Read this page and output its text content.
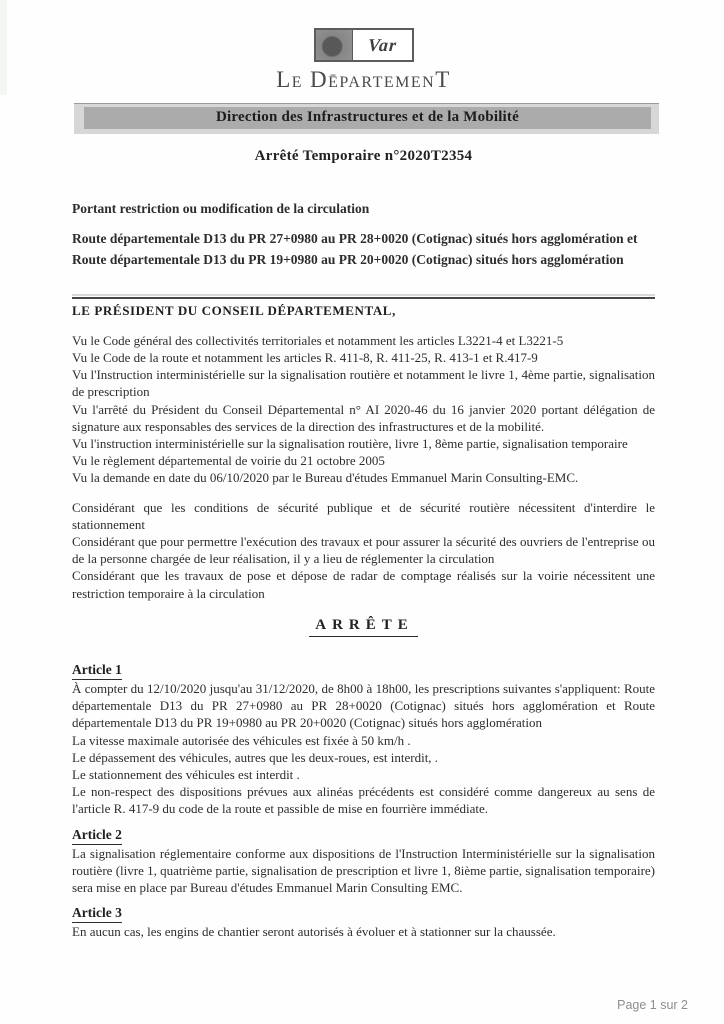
Var
LE DĒPARTEMENT
Direction des Infrastructures et de la Mobilité
Arrêté Temporaire n°2020T2354

Portant restriction ou modification de la circulation

Route départementale D13 du PR 27+0980 au PR 28+0020 (Cotignac) situés hors agglomération et Route départementale D13 du PR 19+0980 au PR 20+0020 (Cotignac) situés hors agglomération

LE PRÉSIDENT DU CONSEIL DÉPARTEMENTAL,

Vu le Code général des collectivités territoriales et notamment les articles L3221-4 et L3221-5

Vu le Code de la route et notamment les articles R. 411-8, R. 411-25, R. 413-1 et R.417-9

Vu l'Instruction interministérielle sur la signalisation routière et notamment le livre 1, 4ème partie, signalisation de prescription

Vu l'arrêté du Président du Conseil Départemental n° AI 2020-46 du 16 janvier 2020 portant délégation de signature aux responsables des services de la direction des infrastructures et de la mobilité.

Vu l'instruction interministérielle sur la signalisation routière, livre 1, 8ème partie, signalisation temporaire

Vu le règlement départemental de voirie du 21 octobre 2005

Vu la demande en date du 06/10/2020 par le Bureau d'études Emmanuel Marin Consulting-EMC.

Considérant que les conditions de sécurité publique et de sécurité routière nécessitent d'interdire le stationnement

Considérant que pour permettre l'exécution des travaux et pour assurer la sécurité des ouvriers de l'entreprise ou de la personne chargée de leur réalisation, il y a lieu de réglementer la circulation

Considérant que les travaux de pose et dépose de radar de comptage réalisés sur la voirie nécessitent une restriction temporaire à la circulation

ARRÊTE
Article 1

À compter du 12/10/2020 jusqu'au 31/12/2020, de 8h00 à 18h00, les prescriptions suivantes s'appliquent: Route départementale D13 du PR 27+0980 au PR 28+0020 (Cotignac) situés hors agglomération et Route départementale D13 du PR 19+0980 au PR 20+0020 (Cotignac) situés hors agglomération

La vitesse maximale autorisée des véhicules est fixée à 50 km/h .

Le dépassement des véhicules, autres que les deux-roues, est interdit, .

Le stationnement des véhicules est interdit .

Le non-respect des dispositions prévues aux alinéas précédents est considéré comme dangereux au sens de l'article R. 417-9 du code de la route et passible de mise en fourrière immédiate.

Article 2

La signalisation réglementaire conforme aux dispositions de l'Instruction Interministérielle sur la signalisation routière (livre 1, quatrième partie, signalisation de prescription et livre 1, 8ième partie, signalisation temporaire) sera mise en place par Bureau d'études Emmanuel Marin Consulting EMC.

Article 3

En aucun cas, les engins de chantier seront autorisés à évoluer et à stationner sur la chaussée.

Page 1 sur 2
